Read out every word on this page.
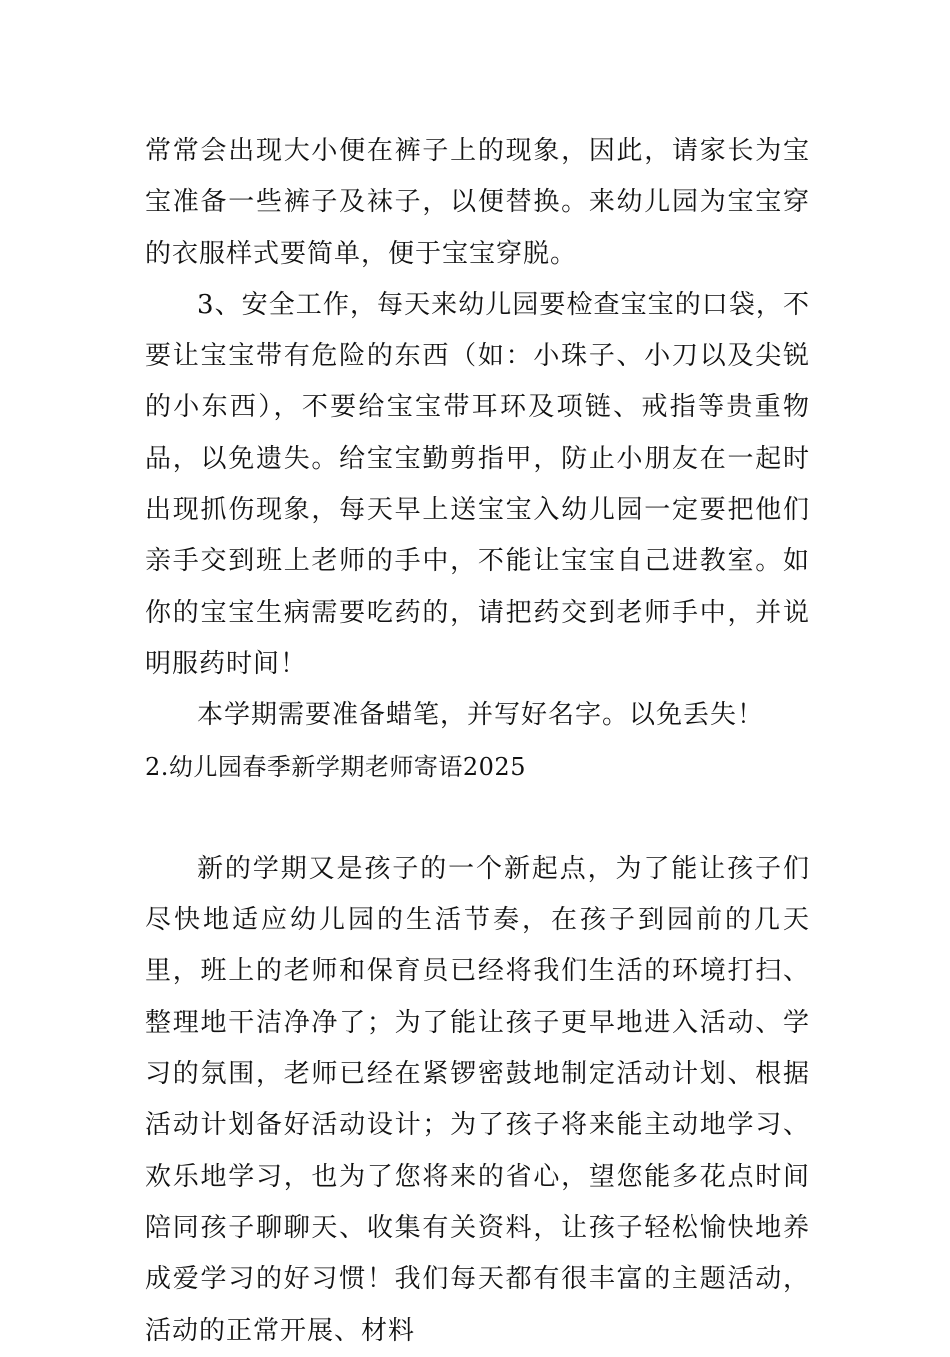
常常会出现大小便在裤子上的现象，因此，请家长为宝宝准备一些裤子及袜子，以便替换。来幼儿园为宝宝穿的衣服样式要简单，便于宝宝穿脱。

3、安全工作，每天来幼儿园要检查宝宝的口袋，不要让宝宝带有危险的东西（如：小珠子、小刀以及尖锐的小东西），不要给宝宝带耳环及项链、戒指等贵重物品，以免遗失。给宝宝勤剪指甲，防止小朋友在一起时出现抓伤现象，每天早上送宝宝入幼儿园一定要把他们亲手交到班上老师的手中，不能让宝宝自己进教室。如你的宝宝生病需要吃药的，请把药交到老师手中，并说明服药时间！

本学期需要准备蜡笔，并写好名字。以免丢失！

2.幼儿园春季新学期老师寄语2025

新的学期又是孩子的一个新起点，为了能让孩子们尽快地适应幼儿园的生活节奏，在孩子到园前的几天里，班上的老师和保育员已经将我们生活的环境打扫、整理地干洁净净了；为了能让孩子更早地进入活动、学习的氛围，老师已经在紧锣密鼓地制定活动计划、根据活动计划备好活动设计；为了孩子将来能主动地学习、欢乐地学习，也为了您将来的省心，望您能多花点时间陪同孩子聊聊天、收集有关资料，让孩子轻松愉快地养成爱学习的好习惯！我们每天都有很丰富的主题活动，活动的正常开展、材料
